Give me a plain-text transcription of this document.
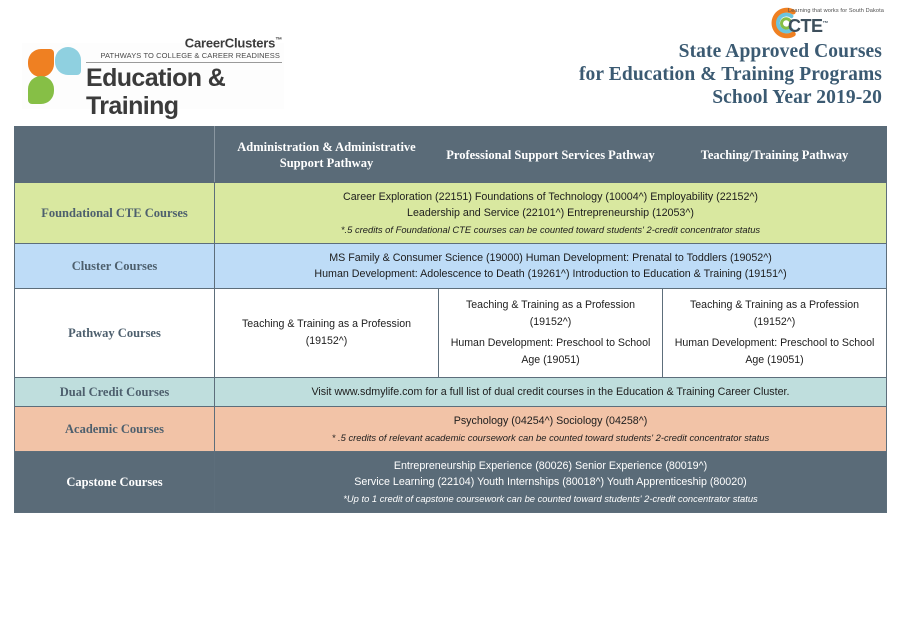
CareerClusters™
PATHWAYS TO COLLEGE & CAREER READINESS
Education & Training
Learning that works for South Dakota
CTE™
State Approved Courses
for Education & Training Programs
School Year 2019-20
	Administration & Administrative Support Pathway	Professional Support Services Pathway	Teaching/Training Pathway
Foundational CTE Courses	Career Exploration (22151) Foundations of Technology (10004^) Employability (22152^)
Leadership and Service (22101^) Entrepreneurship (12053^)
*.5 credits of Foundational CTE courses can be counted toward students' 2-credit concentrator status		

Cluster Courses	MS Family & Consumer Science (19000) Human Development: Prenatal to Toddlers (19052^)
Human Development: Adolescence to Death (19261^) Introduction to Education & Training (19151^)		

Pathway Courses	Teaching & Training as a Profession
(19152^)	Teaching & Training as a Profession
(19152^)
Human Development: Preschool to School
Age (19051)	Teaching & Training as a Profession
(19152^)
Human Development: Preschool to School
Age (19051)

Dual Credit Courses	Visit www.sdmylife.com for a full list of dual credit courses in the Education & Training Career Cluster.		

Academic Courses	Psychology (04254^) Sociology (04258^)
* .5 credits of relevant academic coursework can be counted toward students' 2-credit concentrator status		

Capstone Courses	Entrepreneurship Experience (80026) Senior Experience (80019^)
Service Learning (22104) Youth Internships (80018^) Youth Apprenticeship (80020)
*Up to 1 credit of capstone coursework can be counted toward students' 2-credit concentrator status		
